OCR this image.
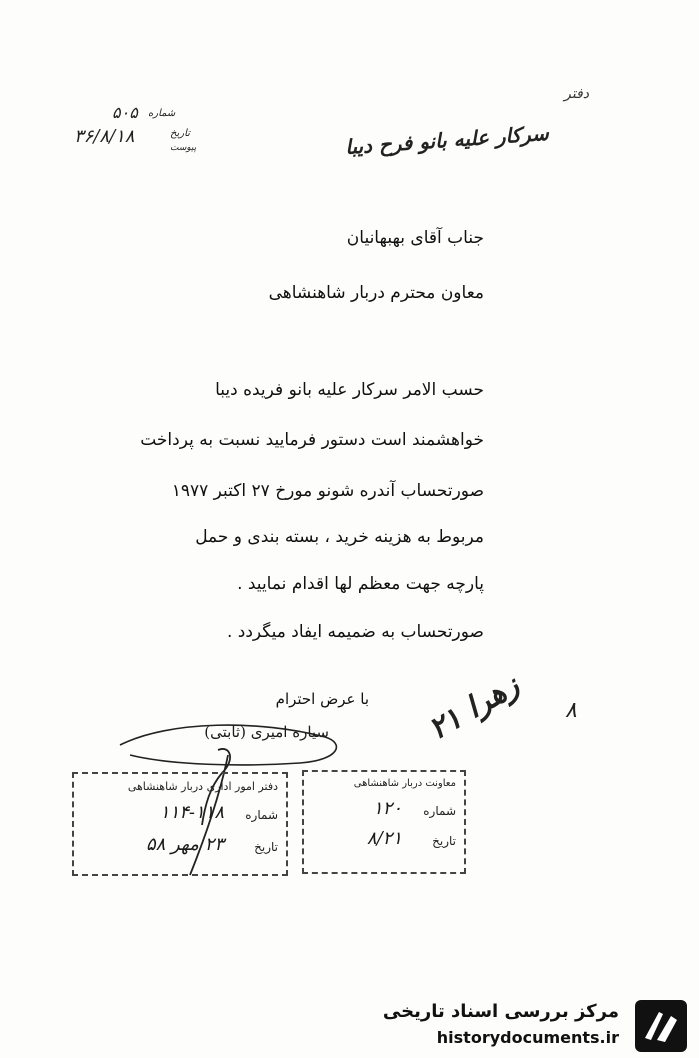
شماره
۵۰۵
۳۶/۸/۱۸	تاریخ
پیوست
دفتر
سرکار علیه بانو فرح دیبا
جناب آقای بهبهانیان
معاون محترم دربار شاهنشاهی
حسب الامر سرکار علیه بانو فریده دیبا
خواهشمند است دستور فرمایید نسبت به پرداخت
صورتحساب آندره شونو مورخ ۲۷ اکتبر ۱۹۷۷
مربوط به هزینه خرید ، بسته بندی و حمل
پارچه جهت معظم لها اقدام نمایید .
صورتحساب به ضمیمه ایفاد میگردد .
با عرض احترام
سیاره امیری (ثابتی)	۲۱ زهرا ۸
دفتر امور اداری دربار شاهنشاهی
شماره
۱۱۴-۱۱۸
تاریخ
۲۳ مهر ۵۸
معاونت دربار شاهنشاهی
شماره
۱۲۰
تاریخ
۸/۲۱
مرکز بررسی اسناد تاریخی
historydocuments.ir
